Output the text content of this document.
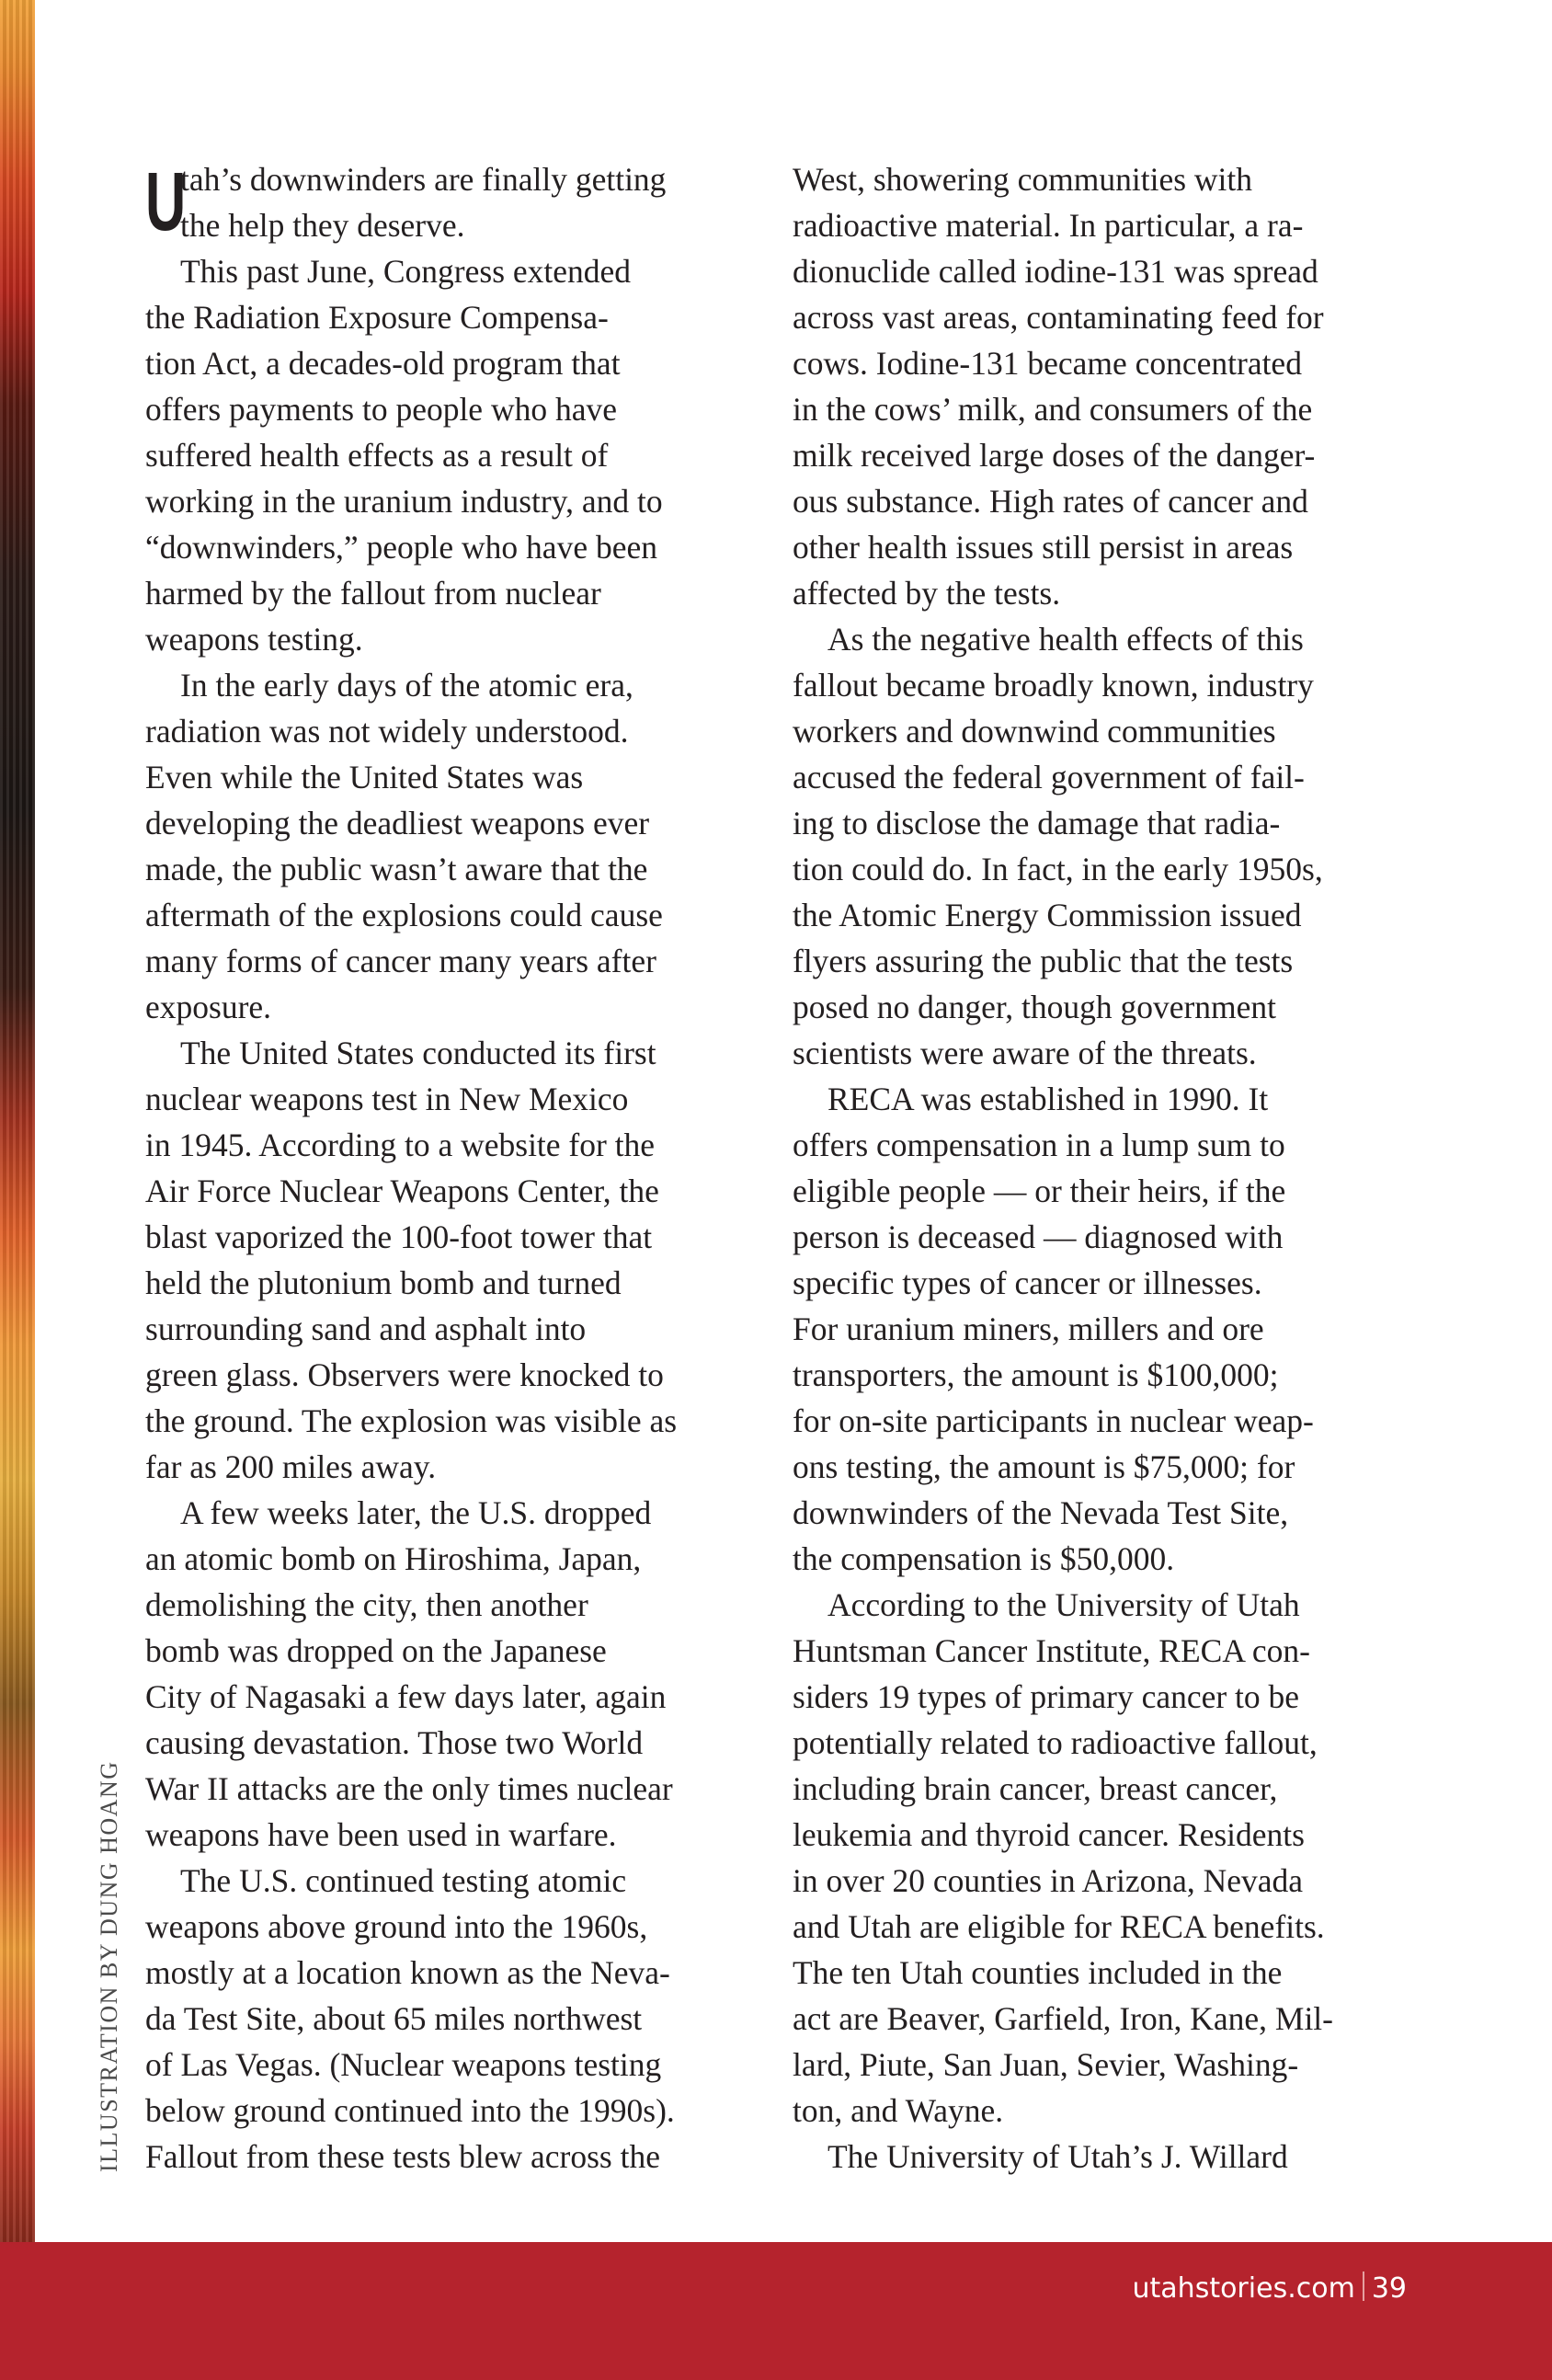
ILLUSTRATION BY DUNG HOANG
U
tah’s downwinders are finally getting
the help they deserve.
This past June, Congress extended
the Radiation Exposure Compensa-
tion Act, a decades-old program that
offers payments to people who have
suffered health effects as a result of
working in the uranium industry, and to
“downwinders,” people who have been
harmed by the fallout from nuclear
weapons testing.
In the early days of the atomic era,
radiation was not widely understood.
Even while the United States was
developing the deadliest weapons ever
made, the public wasn’t aware that the
aftermath of the explosions could cause
many forms of cancer many years after
exposure.
The United States conducted its first
nuclear weapons test in New Mexico
in 1945. According to a website for the
Air Force Nuclear Weapons Center, the
blast vaporized the 100-foot tower that
held the plutonium bomb and turned
surrounding sand and asphalt into
green glass. Observers were knocked to
the ground. The explosion was visible as
far as 200 miles away.
A few weeks later, the U.S. dropped
an atomic bomb on Hiroshima, Japan,
demolishing the city, then another
bomb was dropped on the Japanese
City of Nagasaki a few days later, again
causing devastation. Those two World
War II attacks are the only times nuclear
weapons have been used in warfare.
The U.S. continued testing atomic
weapons above ground into the 1960s,
mostly at a location known as the Neva-
da Test Site, about 65 miles northwest
of Las Vegas. (Nuclear weapons testing
below ground continued into the 1990s).
Fallout from these tests blew across the
West, showering communities with
radioactive material. In particular, a ra-
dionuclide called iodine-131 was spread
across vast areas, contaminating feed for
cows. Iodine-131 became concentrated
in the cows’ milk, and consumers of the
milk received large doses of the danger-
ous substance. High rates of cancer and
other health issues still persist in areas
affected by the tests.
As the negative health effects of this
fallout became broadly known, industry
workers and downwind communities
accused the federal government of fail-
ing to disclose the damage that radia-
tion could do. In fact, in the early 1950s,
the Atomic Energy Commission issued
flyers assuring the public that the tests
posed no danger, though government
scientists were aware of the threats.
RECA was established in 1990. It
offers compensation in a lump sum to
eligible people — or their heirs, if the
person is deceased — diagnosed with
specific types of cancer or illnesses.
For uranium miners, millers and ore
transporters, the amount is $100,000;
for on-site participants in nuclear weap-
ons testing, the amount is $75,000; for
downwinders of the Nevada Test Site,
the compensation is $50,000.
According to the University of Utah
Huntsman Cancer Institute, RECA con-
siders 19 types of primary cancer to be
potentially related to radioactive fallout,
including brain cancer, breast cancer,
leukemia and thyroid cancer. Residents
in over 20 counties in Arizona, Nevada
and Utah are eligible for RECA benefits.
The ten Utah counties included in the
act are Beaver, Garfield, Iron, Kane, Mil-
lard, Piute, San Juan, Sevier, Washing-
ton, and Wayne.
The University of Utah’s J. Willard
utahstories.com 39
